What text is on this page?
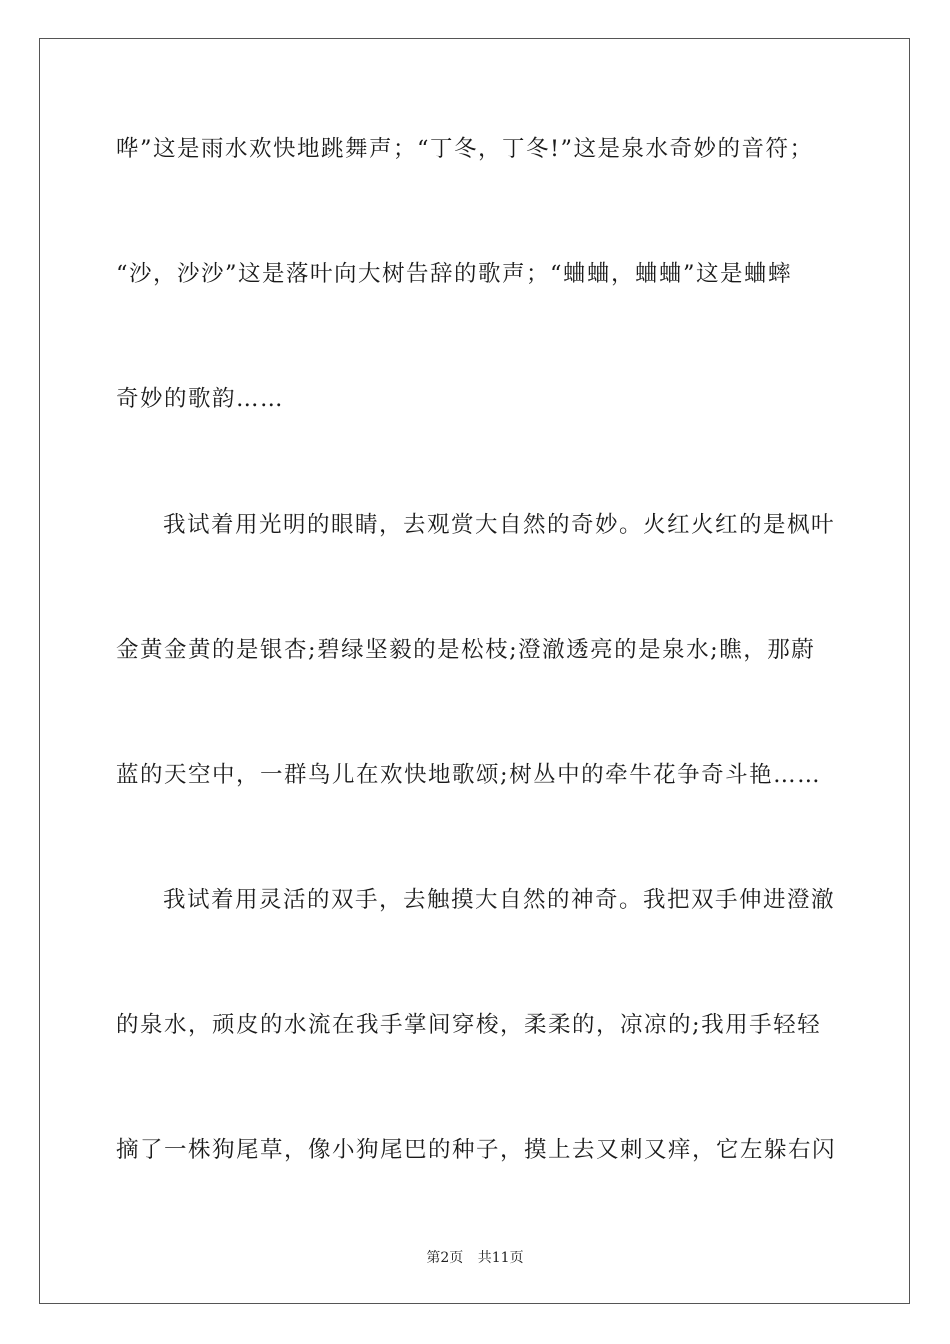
哗”这是雨水欢快地跳舞声；“丁冬，丁冬!”这是泉水奇妙的音符；
“沙，沙沙”这是落叶向大树告辞的歌声；“蛐蛐，蛐蛐”这是蛐蟀
奇妙的歌韵……
我试着用光明的眼睛，去观赏大自然的奇妙。火红火红的是枫叶
金黄金黄的是银杏;碧绿坚毅的是松枝;澄澈透亮的是泉水;瞧，那蔚
蓝的天空中，一群鸟儿在欢快地歌颂;树丛中的牵牛花争奇斗艳……
我试着用灵活的双手，去触摸大自然的神奇。我把双手伸进澄澈
的泉水，顽皮的水流在我手掌间穿梭，柔柔的，凉凉的;我用手轻轻
摘了一株狗尾草，像小狗尾巴的种子，摸上去又刺又痒，它左躲右闪
第2页 共11页
